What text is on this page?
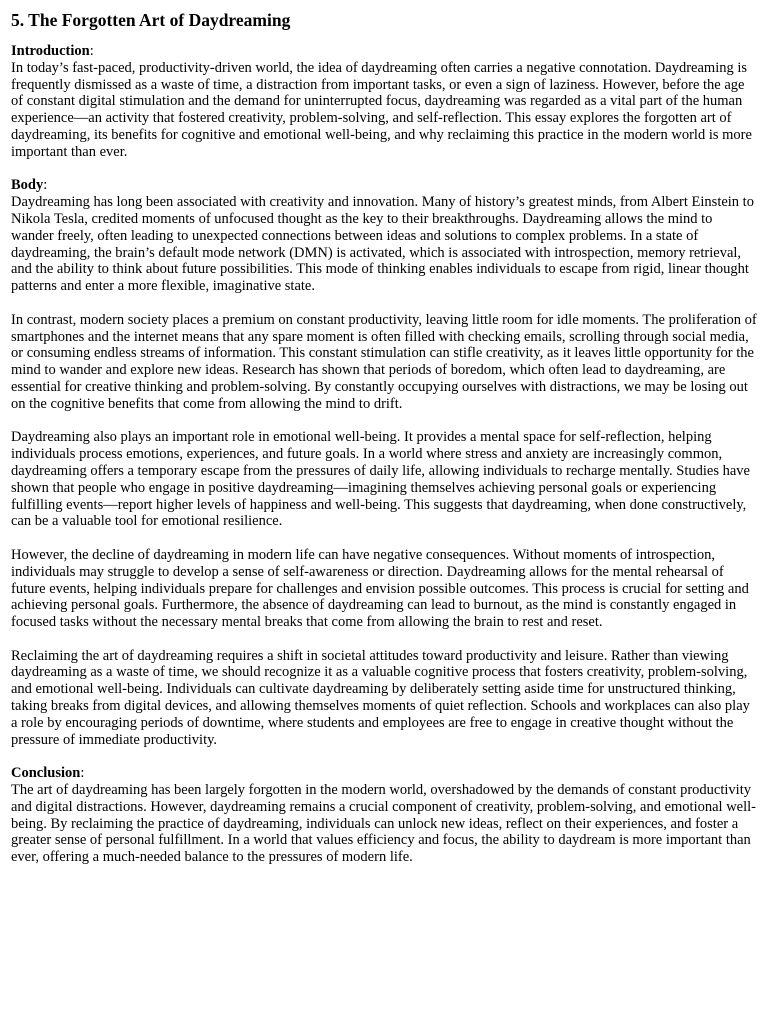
5. The Forgotten Art of Daydreaming
Introduction:

In today’s fast-paced, productivity-driven world, the idea of daydreaming often carries a negative connotation. Daydreaming is frequently dismissed as a waste of time, a distraction from important tasks, or even a sign of laziness. However, before the age of constant digital stimulation and the demand for uninterrupted focus, daydreaming was regarded as a vital part of the human experience—an activity that fostered creativity, problem-solving, and self-reflection. This essay explores the forgotten art of daydreaming, its benefits for cognitive and emotional well-being, and why reclaiming this practice in the modern world is more important than ever.

Body:

Daydreaming has long been associated with creativity and innovation. Many of history’s greatest minds, from Albert Einstein to Nikola Tesla, credited moments of unfocused thought as the key to their breakthroughs. Daydreaming allows the mind to wander freely, often leading to unexpected connections between ideas and solutions to complex problems. In a state of daydreaming, the brain’s default mode network (DMN) is activated, which is associated with introspection, memory retrieval, and the ability to think about future possibilities. This mode of thinking enables individuals to escape from rigid, linear thought patterns and enter a more flexible, imaginative state.

In contrast, modern society places a premium on constant productivity, leaving little room for idle moments. The proliferation of smartphones and the internet means that any spare moment is often filled with checking emails, scrolling through social media, or consuming endless streams of information. This constant stimulation can stifle creativity, as it leaves little opportunity for the mind to wander and explore new ideas. Research has shown that periods of boredom, which often lead to daydreaming, are essential for creative thinking and problem-solving. By constantly occupying ourselves with distractions, we may be losing out on the cognitive benefits that come from allowing the mind to drift.

Daydreaming also plays an important role in emotional well-being. It provides a mental space for self-reflection, helping individuals process emotions, experiences, and future goals. In a world where stress and anxiety are increasingly common, daydreaming offers a temporary escape from the pressures of daily life, allowing individuals to recharge mentally. Studies have shown that people who engage in positive daydreaming—imagining themselves achieving personal goals or experiencing fulfilling events—report higher levels of happiness and well-being. This suggests that daydreaming, when done constructively, can be a valuable tool for emotional resilience.

However, the decline of daydreaming in modern life can have negative consequences. Without moments of introspection, individuals may struggle to develop a sense of self-awareness or direction. Daydreaming allows for the mental rehearsal of future events, helping individuals prepare for challenges and envision possible outcomes. This process is crucial for setting and achieving personal goals. Furthermore, the absence of daydreaming can lead to burnout, as the mind is constantly engaged in focused tasks without the necessary mental breaks that come from allowing the brain to rest and reset.

Reclaiming the art of daydreaming requires a shift in societal attitudes toward productivity and leisure. Rather than viewing daydreaming as a waste of time, we should recognize it as a valuable cognitive process that fosters creativity, problem-solving, and emotional well-being. Individuals can cultivate daydreaming by deliberately setting aside time for unstructured thinking, taking breaks from digital devices, and allowing themselves moments of quiet reflection. Schools and workplaces can also play a role by encouraging periods of downtime, where students and employees are free to engage in creative thought without the pressure of immediate productivity.

Conclusion:

The art of daydreaming has been largely forgotten in the modern world, overshadowed by the demands of constant productivity and digital distractions. However, daydreaming remains a crucial component of creativity, problem-solving, and emotional well-being. By reclaiming the practice of daydreaming, individuals can unlock new ideas, reflect on their experiences, and foster a greater sense of personal fulfillment. In a world that values efficiency and focus, the ability to daydream is more important than ever, offering a much-needed balance to the pressures of modern life.
